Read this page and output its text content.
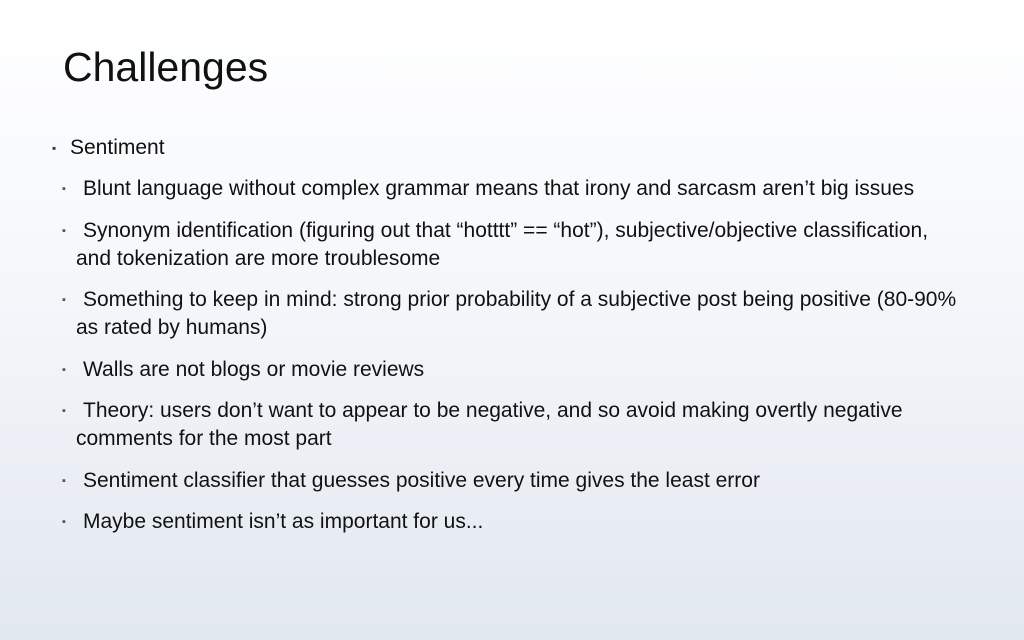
Challenges
▪ Sentiment
▪ Blunt language without complex grammar means that irony and sarcasm aren’t big issues
▪ Synonym identification (figuring out that “hotttt” == “hot”), subjective/objective classification, and tokenization are more troublesome
▪ Something to keep in mind: strong prior probability of a subjective post being positive (80-90% as rated by humans)
▪ Walls are not blogs or movie reviews
▪ Theory: users don’t want to appear to be negative, and so avoid making overtly negative comments for the most part
▪ Sentiment classifier that guesses positive every time gives the least error
▪ Maybe sentiment isn’t as important for us...
